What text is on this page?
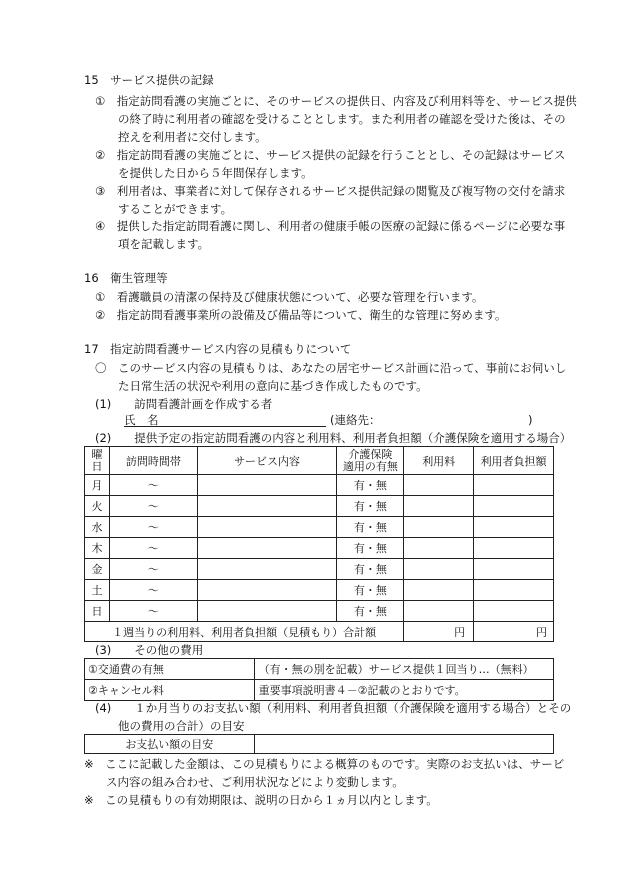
15　サービス提供の記録
①　指定訪問看護の実施ごとに、そのサービスの提供日、内容及び利用料等を、サービス提供
の終了時に利用者の確認を受けることとします。また利用者の確認を受けた後は、その
控えを利用者に交付します。
②　指定訪問看護の実施ごとに、サービス提供の記録を行うこととし、その記録はサービス
を提供した日から５年間保存します。
③　利用者は、事業者に対して保存されるサービス提供記録の閲覧及び複写物の交付を請求
することができます。
④　提供した指定訪問看護に関し、利用者の健康手帳の医療の記録に係るページに必要な事
項を記載します。
16　衛生管理等
①　看護職員の清潔の保持及び健康状態について、必要な管理を行います。
②　指定訪問看護事業所の設備及び備品等について、衛生的な管理に努めます。
17　指定訪問看護サービス内容の見積もりについて
〇　このサービス内容の見積もりは、あなたの居宅サービス計画に沿って、事前にお伺いし
た日常生活の状況や利用の意向に基づき作成したものです。
(1)　　訪問看護計画を作成する者
氏　名	(連絡先：	)
(2)　　提供予定の指定訪問看護の内容と利用料、利用者負担額（介護保険を適用する場合）
曜
日	訪問時間帯	サービス内容	介護保険
適用の有無	利用料	利用者負担額
月	～		有・無		
火	～		有・無		
水	～		有・無		
木	～		有・無		
金	～		有・無		
土	～		有・無		
日	～		有・無		
１週当りの利用料、利用者負担額（見積もり）合計額				円	円
(3)　　その他の費用
①交通費の有無	（有・無の別を記載）サービス提供１回当り…（無料）
②キャンセル料	重要事項説明書４－②記載のとおりです。
(4)　　１か月当りのお支払い額（利用料、利用者負担額（介護保険を適用する場合）とその
他の費用の合計）の目安
お支払い額の目安	
※　ここに記載した金額は、この見積もりによる概算のものです。実際のお支払いは、サービ
ス内容の組み合わせ、ご利用状況などにより変動します。
※　この見積もりの有効期限は、説明の日から１ヵ月以内とします。
